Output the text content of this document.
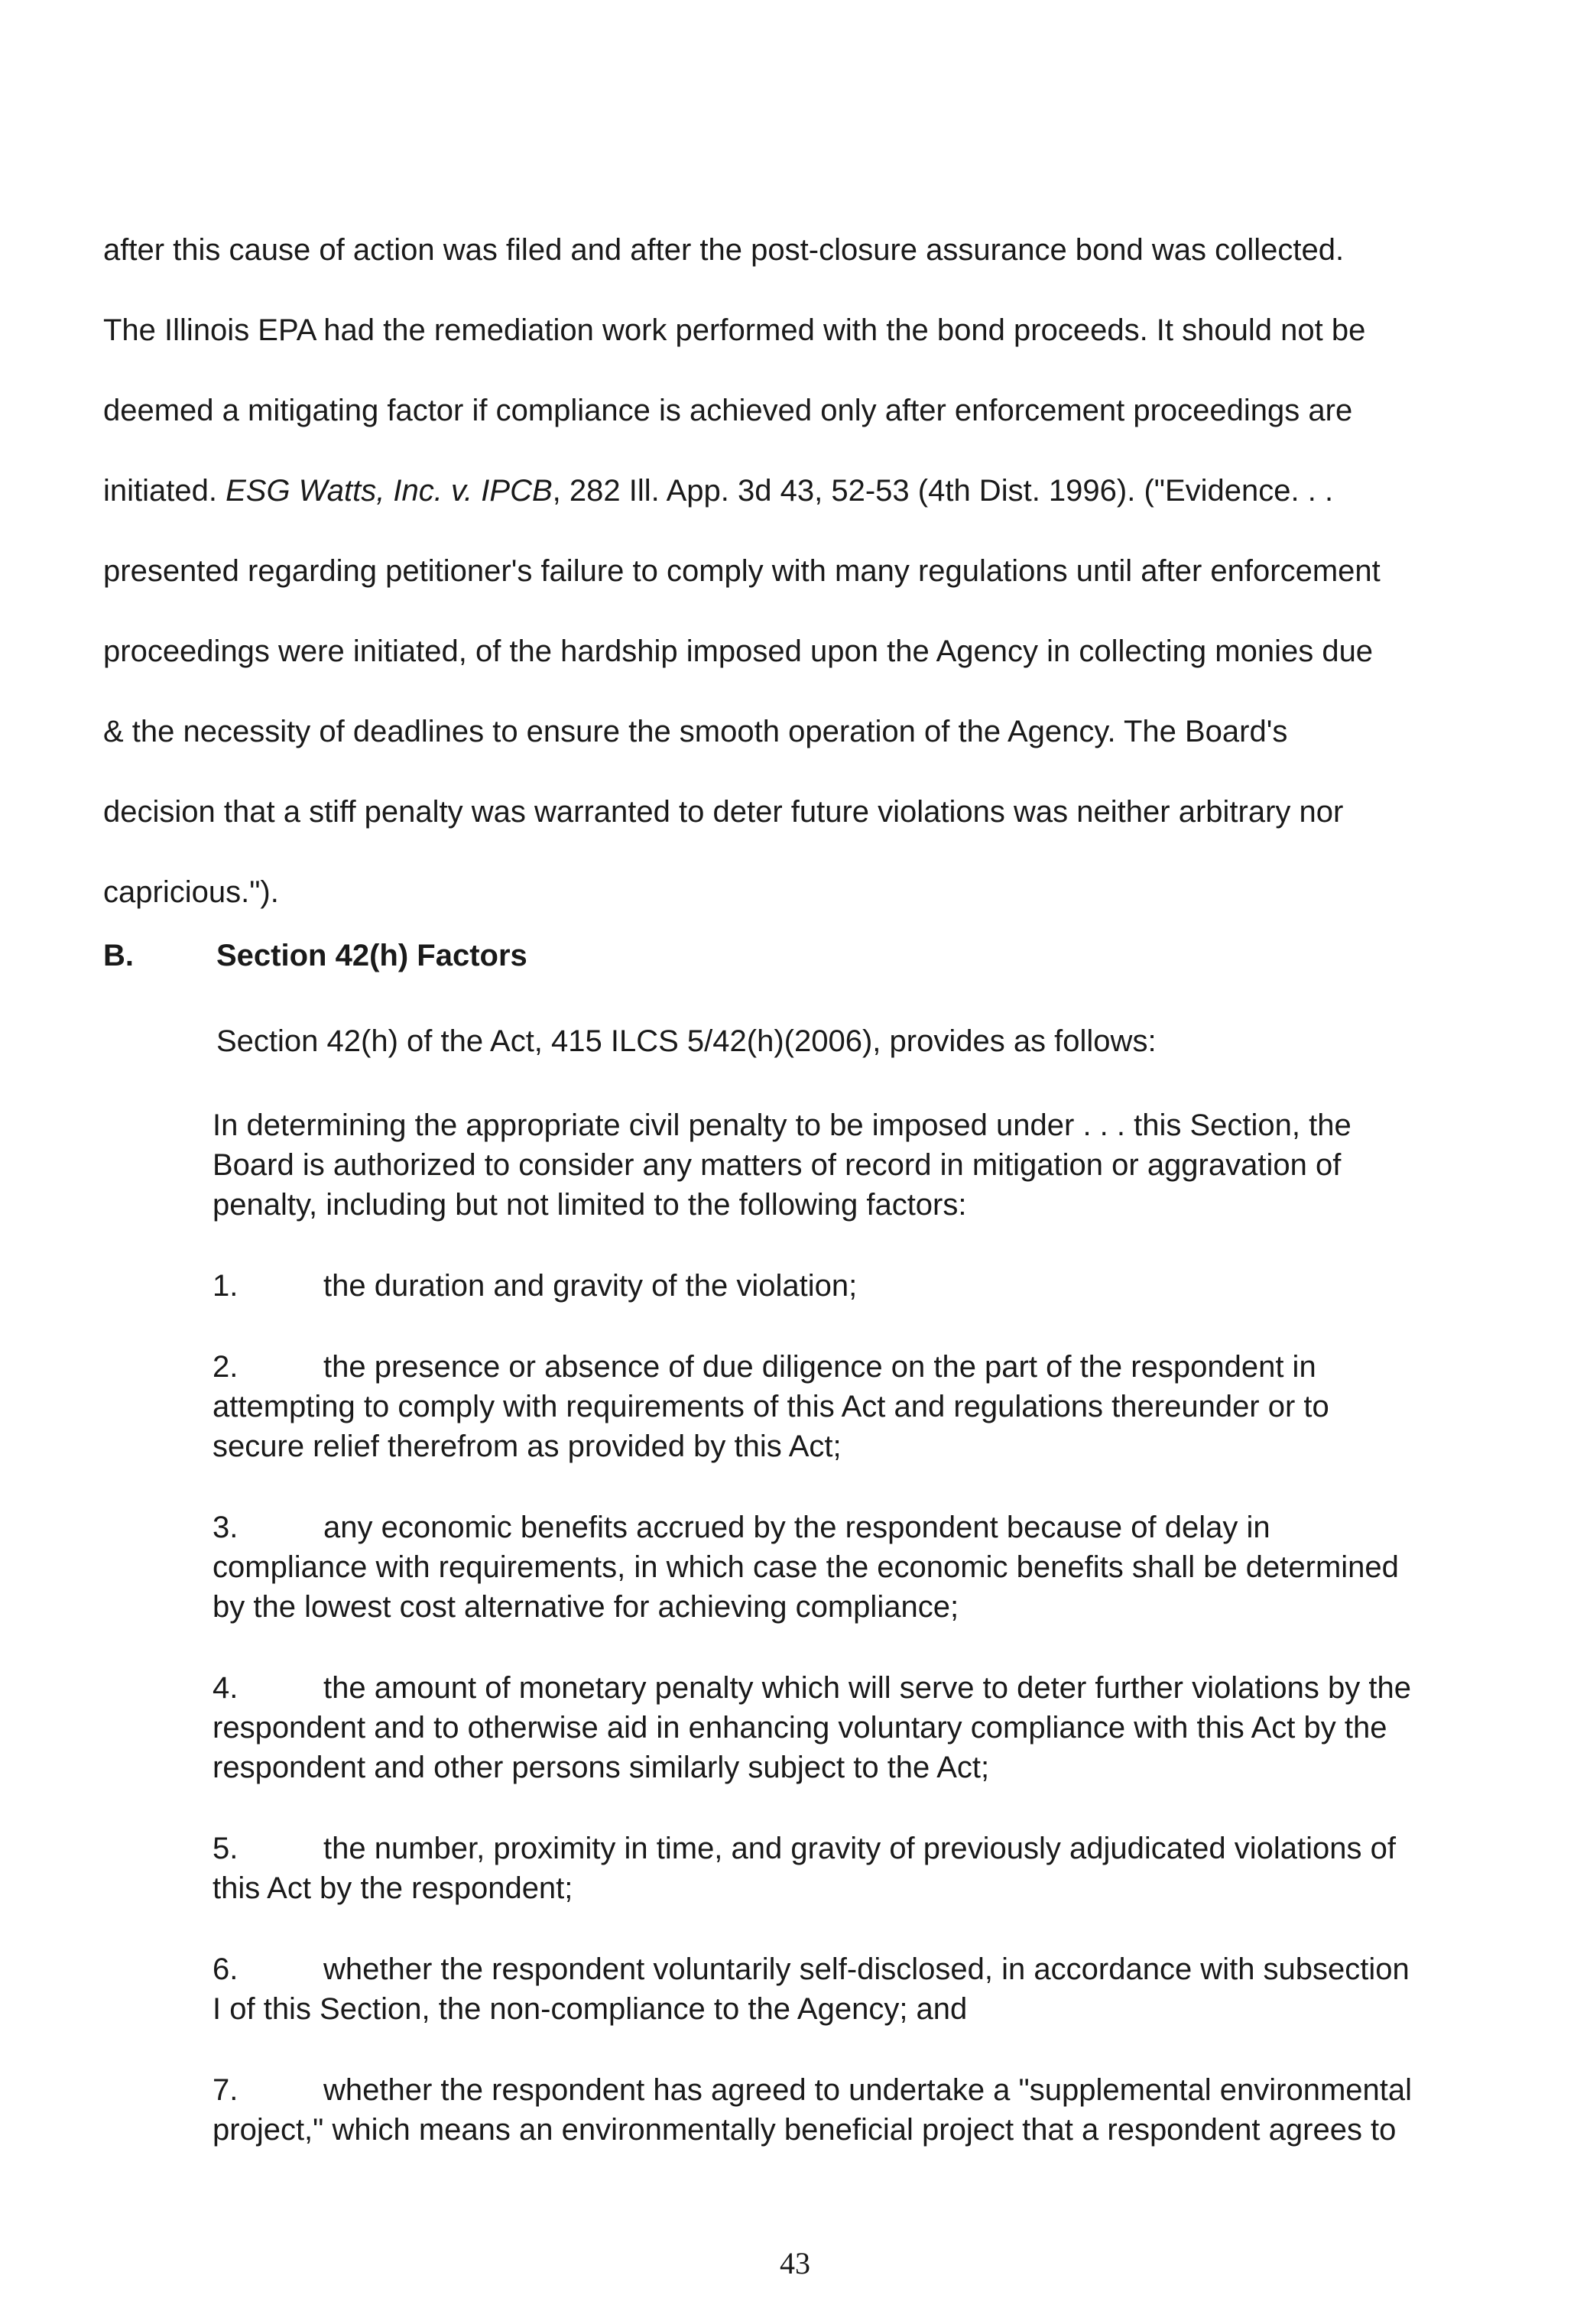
after this cause of action was filed and after the post-closure assurance bond was collected.
The Illinois EPA had the remediation work performed with the bond proceeds. It should not be
deemed a mitigating factor if compliance is achieved only after enforcement proceedings are
initiated. ESG Watts, Inc. v. IPCB, 282 Ill. App. 3d 43, 52-53 (4th Dist. 1996). ("Evidence. . .
presented regarding petitioner's failure to comply with many regulations until after enforcement
proceedings were initiated, of the hardship imposed upon the Agency in collecting monies due
& the necessity of deadlines to ensure the smooth operation of the Agency. The Board's
decision that a stiff penalty was warranted to deter future violations was neither arbitrary nor
capricious.").
B.	Section 42(h) Factors

Section 42(h) of the Act, 415 ILCS 5/42(h)(2006), provides as follows:

In determining the appropriate civil penalty to be imposed under . . . this Section, the
Board is authorized to consider any matters of record in mitigation or aggravation of
penalty, including but not limited to the following factors:

1.	the duration and gravity of the violation;

2.	the presence or absence of due diligence on the part of the respondent in
attempting to comply with requirements of this Act and regulations thereunder or to
secure relief therefrom as provided by this Act;

3.	any economic benefits accrued by the respondent because of delay in
compliance with requirements, in which case the economic benefits shall be determined
by the lowest cost alternative for achieving compliance;

4.	the amount of monetary penalty which will serve to deter further violations by the
respondent and to otherwise aid in enhancing voluntary compliance with this Act by the
respondent and other persons similarly subject to the Act;

5.	the number, proximity in time, and gravity of previously adjudicated violations of
this Act by the respondent;

6.	whether the respondent voluntarily self-disclosed, in accordance with subsection
I of this Section, the non-compliance to the Agency; and

7.	whether the respondent has agreed to undertake a "supplemental environmental
project," which means an environmentally beneficial project that a respondent agrees to

43
